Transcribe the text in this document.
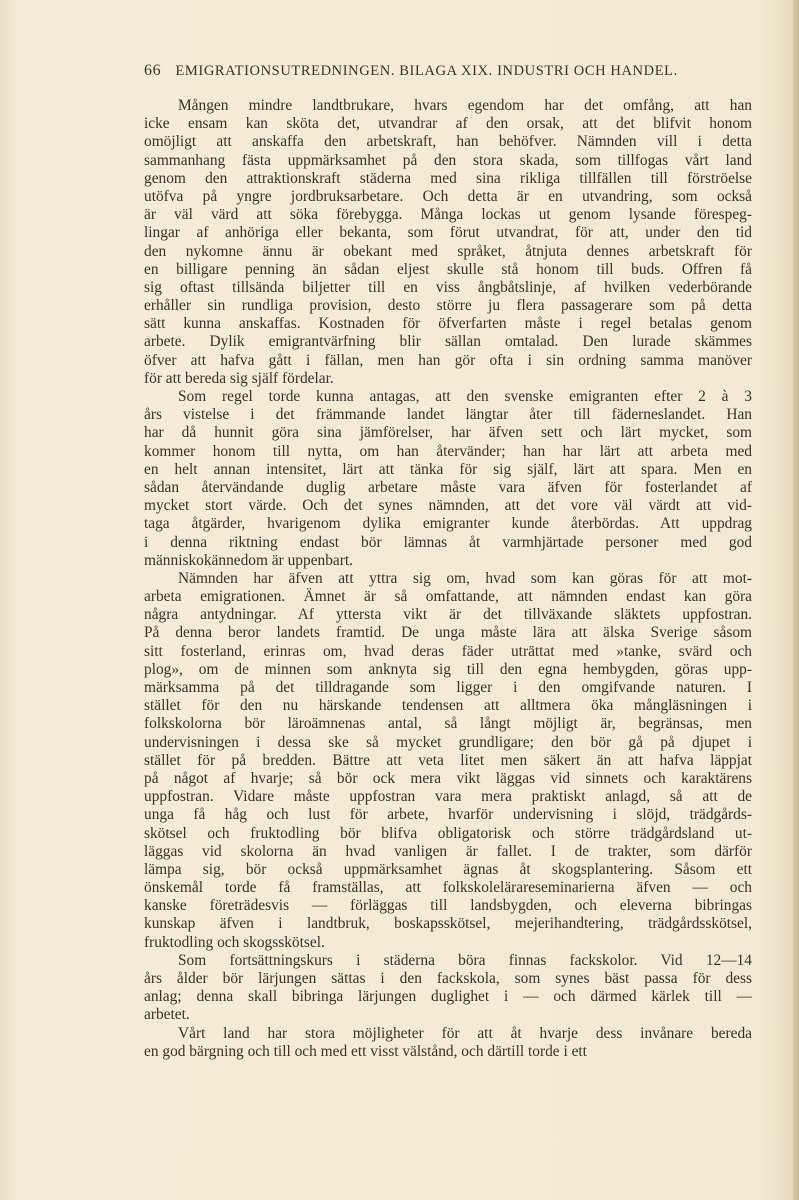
66 EMIGRATIONSUTREDNINGEN. BILAGA XIX. INDUSTRI OCH HANDEL.
Mången mindre landtbrukare, hvars egendom har det omfång, att han
icke ensam kan sköta det, utvandrar af den orsak, att det blifvit honom
omöjligt att anskaffa den arbetskraft, han behöfver. Nämnden vill i detta
sammanhang fästa uppmärksamhet på den stora skada, som tillfogas vårt land
genom den attraktionskraft städerna med sina rikliga tillfällen till förströelse
utöfva på yngre jordbruksarbetare. Och detta är en utvandring, som också
är väl värd att söka förebygga. Många lockas ut genom lysande förespeg-
lingar af anhöriga eller bekanta, som förut utvandrat, för att, under den tid
den nykomne ännu är obekant med språket, åtnjuta dennes arbetskraft för
en billigare penning än sådan eljest skulle stå honom till buds. Offren få
sig oftast tillsända biljetter till en viss ångbåtslinje, af hvilken vederbörande
erhåller sin rundliga provision, desto större ju flera passagerare som på detta
sätt kunna anskaffas. Kostnaden för öfverfarten måste i regel betalas genom
arbete. Dylik emigrantvärfning blir sällan omtalad. Den lurade skämmes
öfver att hafva gått i fällan, men han gör ofta i sin ordning samma manöver
för att bereda sig själf fördelar.
Som regel torde kunna antagas, att den svenske emigranten efter 2 à 3
års vistelse i det främmande landet längtar åter till fäderneslandet. Han
har då hunnit göra sina jämförelser, har äfven sett och lärt mycket, som
kommer honom till nytta, om han återvänder; han har lärt att arbeta med
en helt annan intensitet, lärt att tänka för sig själf, lärt att spara. Men en
sådan återvändande duglig arbetare måste vara äfven för fosterlandet af
mycket stort värde. Och det synes nämnden, att det vore väl värdt att vid-
taga åtgärder, hvarigenom dylika emigranter kunde återbördas. Att uppdrag
i denna riktning endast bör lämnas åt varmhjärtade personer med god
människokännedom är uppenbart.
Nämnden har äfven att yttra sig om, hvad som kan göras för att mot-
arbeta emigrationen. Ämnet är så omfattande, att nämnden endast kan göra
några antydningar. Af yttersta vikt är det tillväxande släktets uppfostran.
På denna beror landets framtid. De unga måste lära att älska Sverige såsom
sitt fosterland, erinras om, hvad deras fäder uträttat med »tanke, svärd och
plog», om de minnen som anknyta sig till den egna hembygden, göras upp-
märksamma på det tilldragande som ligger i den omgifvande naturen. I
stället för den nu härskande tendensen att alltmera öka mångläsningen i
folkskolorna bör läroämnenas antal, så långt möjligt är, begränsas, men
undervisningen i dessa ske så mycket grundligare; den bör gå på djupet i
stället för på bredden. Bättre att veta litet men säkert än att hafva läppjat
på något af hvarje; så bör ock mera vikt läggas vid sinnets och karaktärens
uppfostran. Vidare måste uppfostran vara mera praktiskt anlagd, så att de
unga få håg och lust för arbete, hvarför undervisning i slöjd, trädgårds-
skötsel och fruktodling bör blifva obligatorisk och större trädgårdsland ut-
läggas vid skolorna än hvad vanligen är fallet. I de trakter, som därför
lämpa sig, bör också uppmärksamhet ägnas åt skogsplantering. Såsom ett
önskemål torde få framställas, att folkskolelärareseminarierna äfven — och
kanske företrädesvis — förläggas till landsbygden, och eleverna bibringas
kunskap äfven i landtbruk, boskapsskötsel, mejerihandtering, trädgårdsskötsel,
fruktodling och skogsskötsel.
Som fortsättningskurs i städerna böra finnas fackskolor. Vid 12—14
års ålder bör lärjungen sättas i den fackskola, som synes bäst passa för dess
anlag; denna skall bibringa lärjungen duglighet i — och därmed kärlek till —
arbetet.
Vårt land har stora möjligheter för att åt hvarje dess invånare bereda
en god bärgning och till och med ett visst välstånd, och därtill torde i ett
